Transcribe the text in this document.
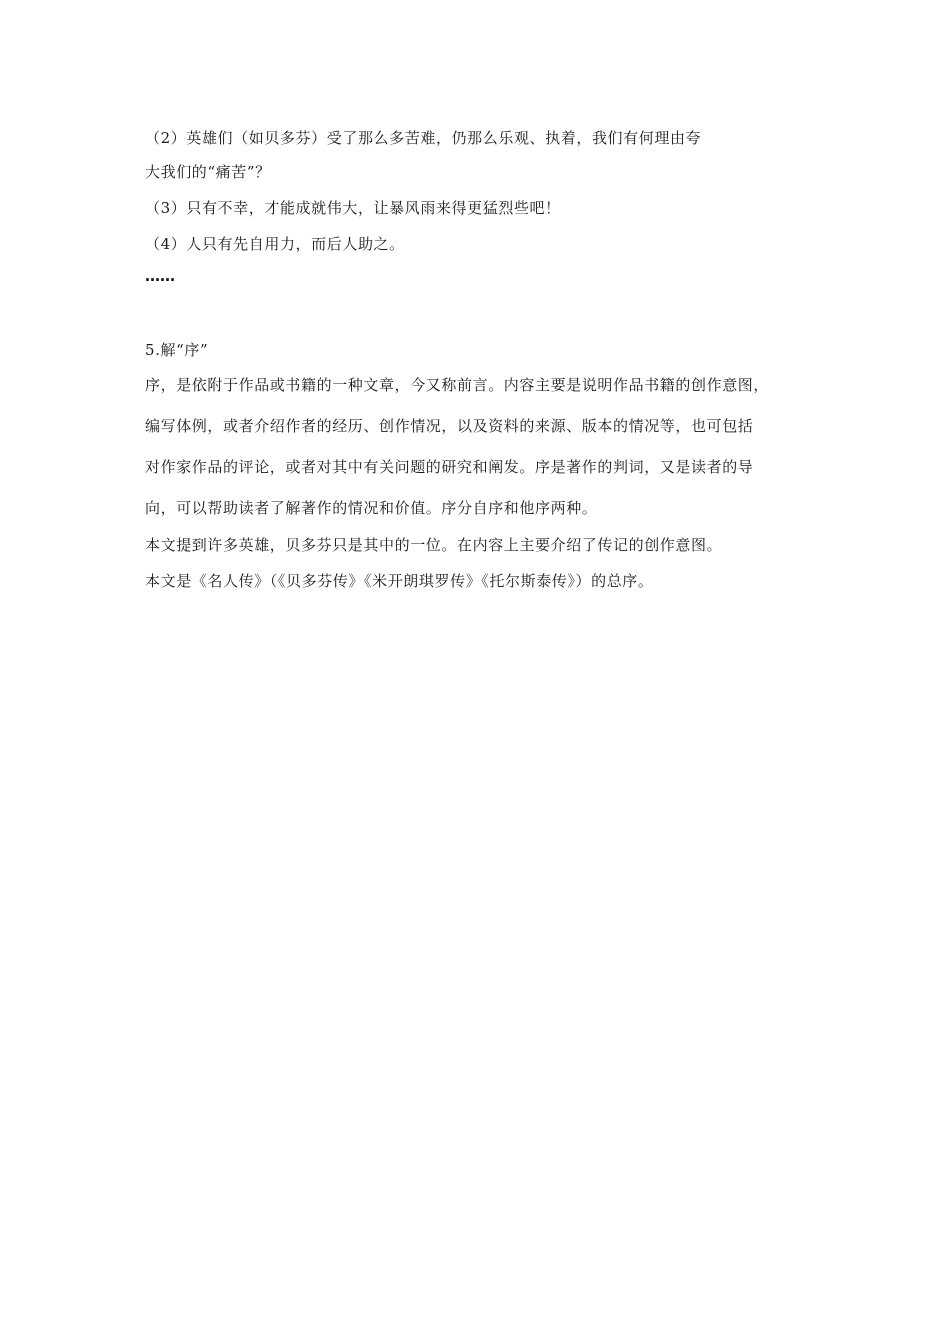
（2）英雄们（如贝多芬）受了那么多苦难，仍那么乐观、执着，我们有何理由夸
大我们的“痛苦”？
（3）只有不幸，才能成就伟大，让暴风雨来得更猛烈些吧！
（4）人只有先自用力，而后人助之。
……
5.解“序”
序，是依附于作品或书籍的一种文章，今又称前言。内容主要是说明作品书籍的创作意图，
编写体例，或者介绍作者的经历、创作情况，以及资料的来源、版本的情况等，也可包括
对作家作品的评论，或者对其中有关问题的研究和阐发。序是著作的判词，又是读者的导
向，可以帮助读者了解著作的情况和价值。序分自序和他序两种。
本文提到许多英雄，贝多芬只是其中的一位。在内容上主要介绍了传记的创作意图。
本文是《名人传》（《贝多芬传》《米开朗琪罗传》《托尔斯泰传》）的总序。
